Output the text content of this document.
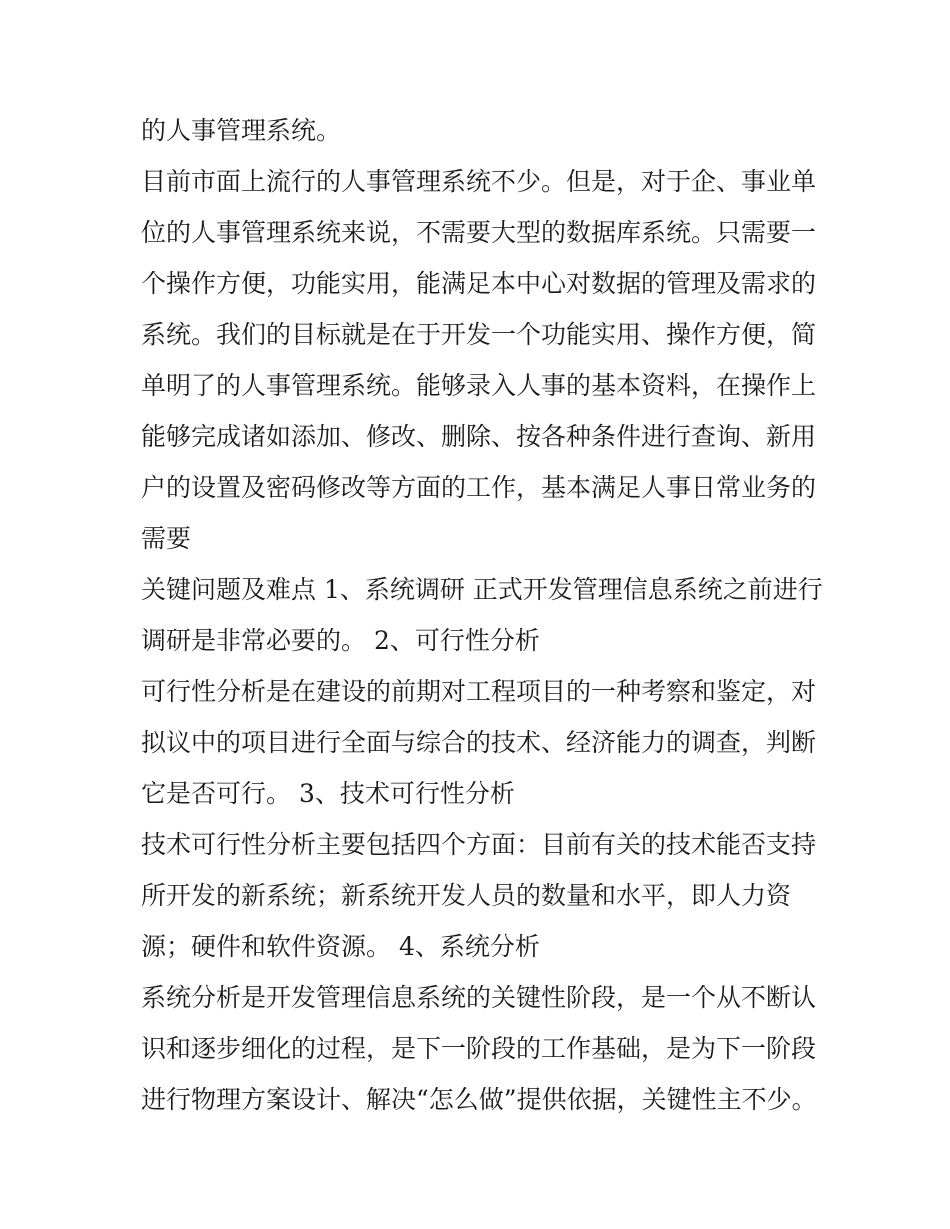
的人事管理系统。
目前市面上流行的人事管理系统不少。但是，对于企、事业单
位的人事管理系统来说，不需要大型的数据库系统。只需要一
个操作方便，功能实用，能满足本中心对数据的管理及需求的
系统。我们的目标就是在于开发一个功能实用、操作方便，简
单明了的人事管理系统。能够录入人事的基本资料，在操作上
能够完成诸如添加、修改、删除、按各种条件进行查询、新用
户的设置及密码修改等方面的工作，基本满足人事日常业务的
需要
关键问题及难点 1、系统调研 正式开发管理信息系统之前进行
调研是非常必要的。 2、可行性分析
可行性分析是在建设的前期对工程项目的一种考察和鉴定，对
拟议中的项目进行全面与综合的技术、经济能力的调查，判断
它是否可行。 3、技术可行性分析
技术可行性分析主要包括四个方面：目前有关的技术能否支持
所开发的新系统；新系统开发人员的数量和水平，即人力资
源；硬件和软件资源。 4、系统分析
系统分析是开发管理信息系统的关键性阶段，是一个从不断认
识和逐步细化的过程，是下一阶段的工作基础，是为下一阶段
进行物理方案设计、解决“怎么做”提供依据，关键性主不少。
